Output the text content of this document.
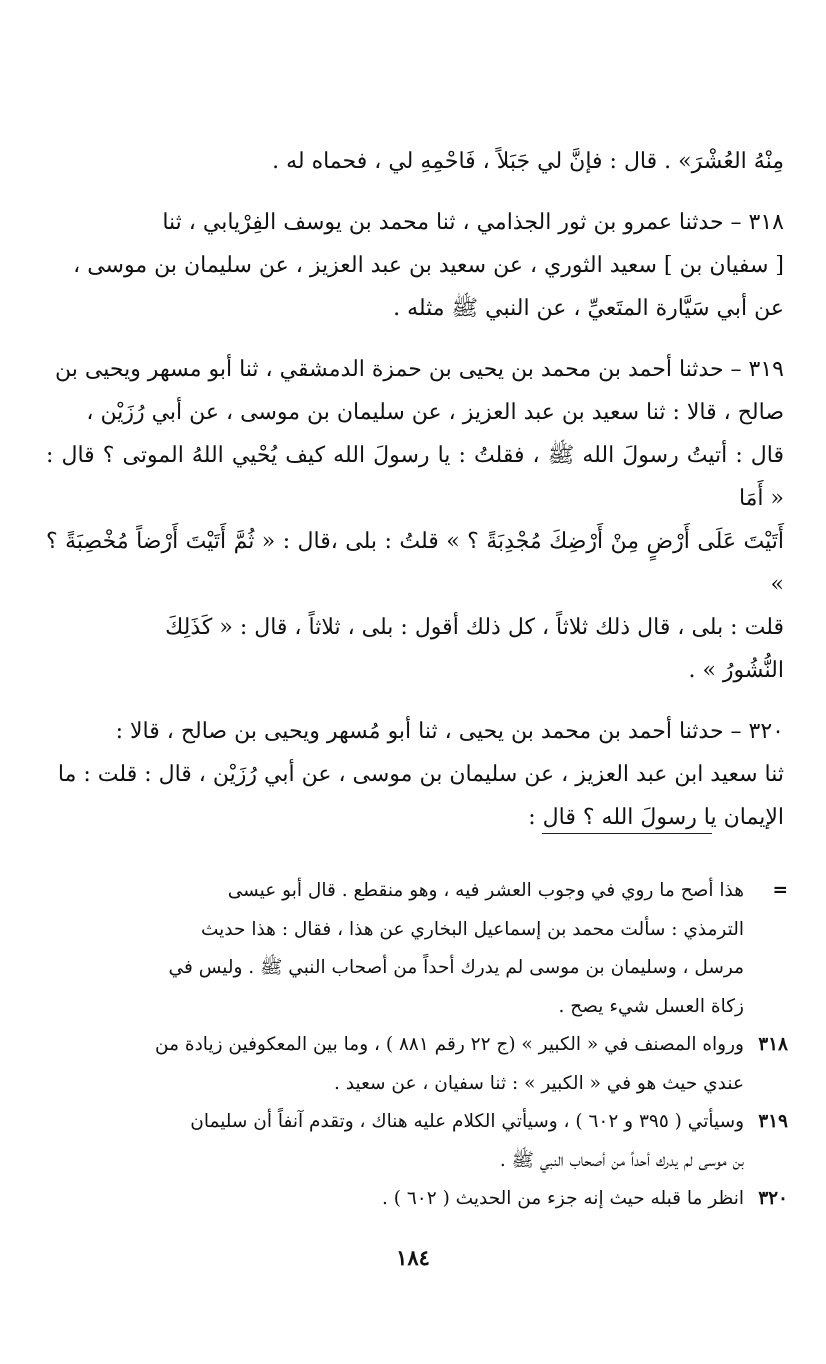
مِنْهُ العُشْرَ» . قال : فإنَّ لي جَبَلاً ، فَاحْمِهِ لي ، فحماه له .
٣١٨ – حدثنا عمرو بن ثور الجذامي ، ثنا محمد بن يوسف الفِرْيابي ، ثنا
[ سفيان بن ] سعيد الثوري ، عن سعيد بن عبد العزيز ، عن سليمان بن موسى ،
عن أبي سَيَّارة المتَعيِّ ، عن النبي ﷺ مثله .
٣١٩ – حدثنا أحمد بن محمد بن يحيى بن حمزة الدمشقي ، ثنا أبو مسهر ويحيى بن
صالح ، قالا : ثنا سعيد بن عبد العزيز ، عن سليمان بن موسى ، عن أبي رُزَيْن ،
قال : أتيتُ رسولَ الله ﷺ ، فقلتُ : يا رسولَ الله كيف يُحْيي اللهُ الموتى ؟ قال : « أَمَا
أَتَيْتَ عَلَى أَرْضٍ مِنْ أَرْضِكَ مُجْدِبَةً ؟ » قلتُ : بلى ،قال : « ثُمَّ أَتَيْتَ أَرْضاً مُخْصِبَةً ؟ »
قلت : بلى ، قال ذلك ثلاثاً ، كل ذلك أقول : بلى ، ثلاثاً ، قال : « كَذَلِكَ
النُّشُورُ » .
٣٢٠ – حدثنا أحمد بن محمد بن يحيى ، ثنا أبو مُسهر ويحيى بن صالح ، قالا :
ثنا سعيد ابن عبد العزيز ، عن سليمان بن موسى ، عن أبي رُزَيْن ، قال : قلت : ما
الإيمان يا رسولَ الله ؟ قال :
=
هذا أصح ما روي في وجوب العشر فيه ، وهو منقطع . قال أبو عيسى
الترمذي : سألت محمد بن إسماعيل البخاري عن هذا ، فقال : هذا حديث
مرسل ، وسليمان بن موسى لم يدرك أحداً من أصحاب النبي ﷺ . وليس في
زكاة العسل شيء يصح .
٣١٨
ورواه المصنف في « الكبير » (ج ٢٢ رقم ٨٨١ ) ، وما بين المعكوفين زيادة من
عندي حيث هو في « الكبير » : ثنا سفيان ، عن سعيد .
٣١٩
وسيأتي ( ٣٩٥ و ٦٠٢ ) ، وسيأتي الكلام عليه هناك ، وتقدم آنفاً أن سليمان
بن موسى لم يدرك أحداً من أصحاب النبي ﷺ .
٣٢٠
انظر ما قبله حيث إنه جزء من الحديث ( ٦٠٢ ) .
١٨٤
